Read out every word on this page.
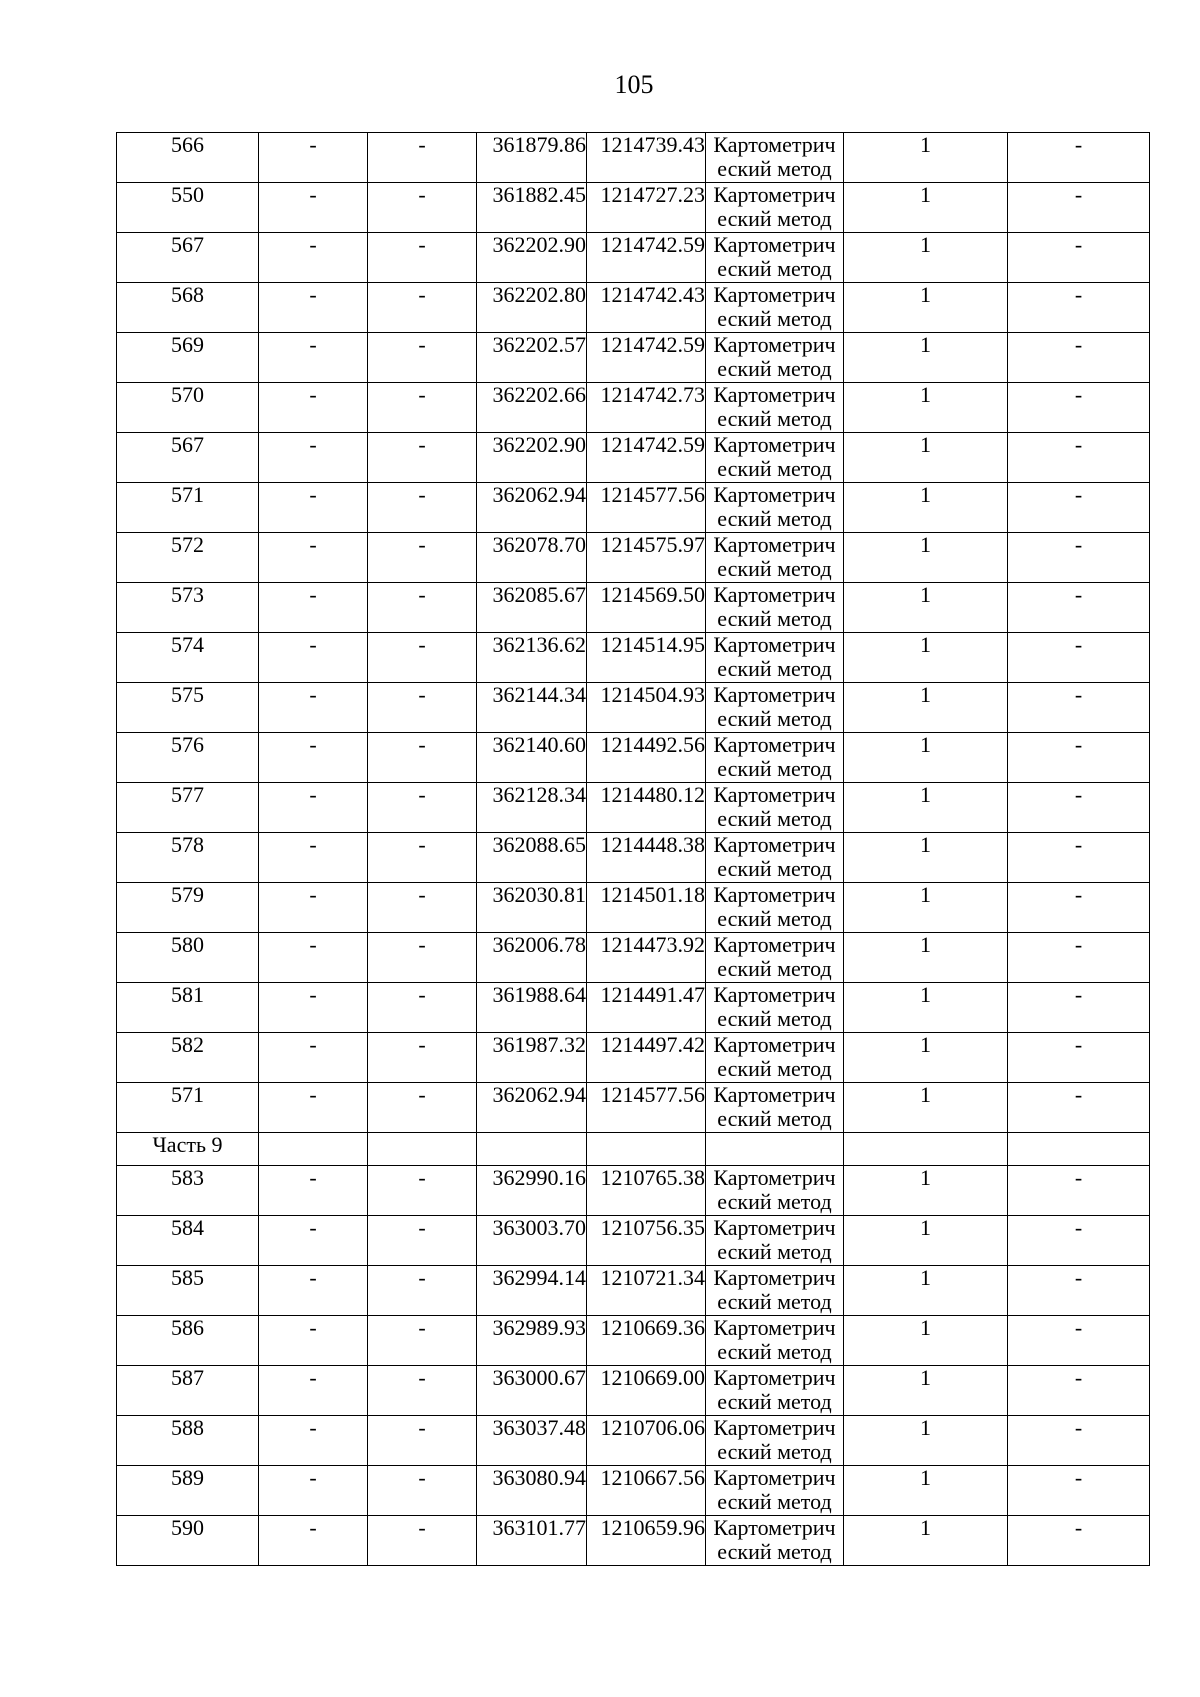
105
566	-	-	361879.86	1214739.43	Картометрич
еский метод	1	-
550	-	-	361882.45	1214727.23	Картометрич
еский метод	1	-
567	-	-	362202.90	1214742.59	Картометрич
еский метод	1	-
568	-	-	362202.80	1214742.43	Картометрич
еский метод	1	-
569	-	-	362202.57	1214742.59	Картометрич
еский метод	1	-
570	-	-	362202.66	1214742.73	Картометрич
еский метод	1	-
567	-	-	362202.90	1214742.59	Картометрич
еский метод	1	-
571	-	-	362062.94	1214577.56	Картометрич
еский метод	1	-
572	-	-	362078.70	1214575.97	Картометрич
еский метод	1	-
573	-	-	362085.67	1214569.50	Картометрич
еский метод	1	-
574	-	-	362136.62	1214514.95	Картометрич
еский метод	1	-
575	-	-	362144.34	1214504.93	Картометрич
еский метод	1	-
576	-	-	362140.60	1214492.56	Картометрич
еский метод	1	-
577	-	-	362128.34	1214480.12	Картометрич
еский метод	1	-
578	-	-	362088.65	1214448.38	Картометрич
еский метод	1	-
579	-	-	362030.81	1214501.18	Картометрич
еский метод	1	-
580	-	-	362006.78	1214473.92	Картометрич
еский метод	1	-
581	-	-	361988.64	1214491.47	Картометрич
еский метод	1	-
582	-	-	361987.32	1214497.42	Картометрич
еский метод	1	-
571	-	-	362062.94	1214577.56	Картометрич
еский метод	1	-
Часть 9							
583	-	-	362990.16	1210765.38	Картометрич
еский метод	1	-
584	-	-	363003.70	1210756.35	Картометрич
еский метод	1	-
585	-	-	362994.14	1210721.34	Картометрич
еский метод	1	-
586	-	-	362989.93	1210669.36	Картометрич
еский метод	1	-
587	-	-	363000.67	1210669.00	Картометрич
еский метод	1	-
588	-	-	363037.48	1210706.06	Картометрич
еский метод	1	-
589	-	-	363080.94	1210667.56	Картометрич
еский метод	1	-
590	-	-	363101.77	1210659.96	Картометрич
еский метод	1	-
